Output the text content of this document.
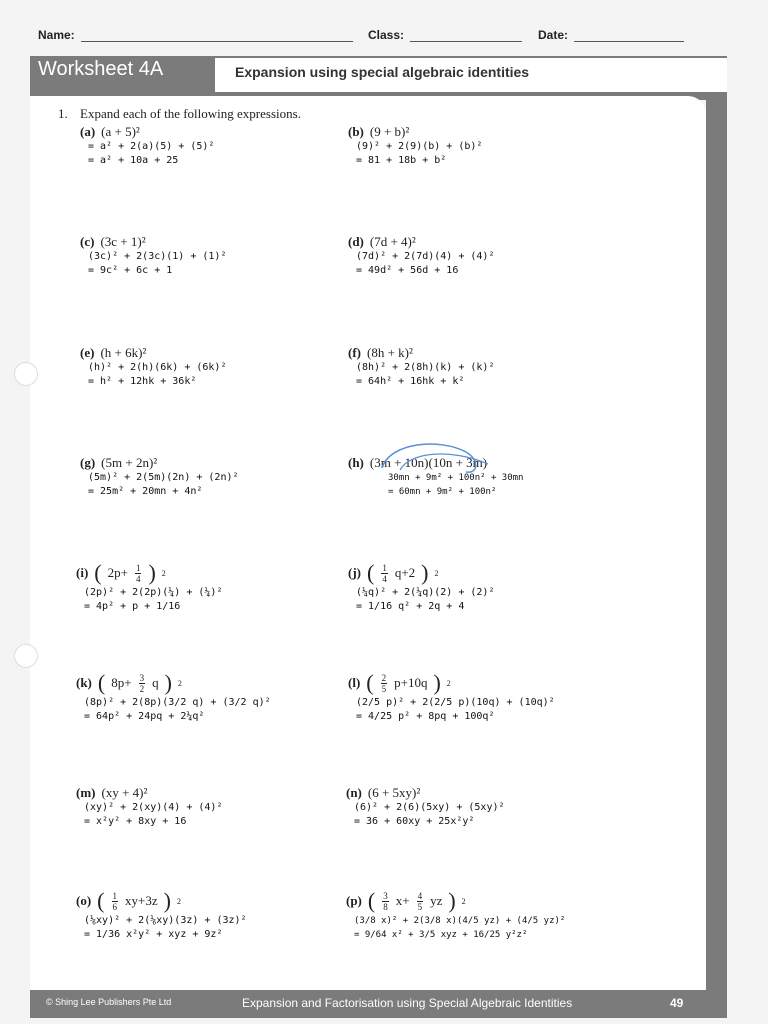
Name:	Class:	Date:
Worksheet 4A	Expansion using special algebraic identities
1. Expand each of the following expressions.
(a) (a + 5)²
= a² + 2(a)(5) + (5)²
= a² + 10a + 25
(b) (9 + b)²
(9)² + 2(9)(b) + (b)²
= 81 + 18b + b²
(c) (3c + 1)²
(3c)² + 2(3c)(1) + (1)²
= 9c² + 6c + 1
(d) (7d + 4)²
(7d)² + 2(7d)(4) + (4)²
= 49d² + 56d + 16
(e) (h + 6k)²
(h)² + 2(h)(6k) + (6k)²
= h² + 12hk + 36k²
(f) (8h + k)²
(8h)² + 2(8h)(k) + (k)²
= 64h² + 16hk + k²
(g) (5m + 2n)²
(5m)² + 2(5m)(2n) + (2n)²
= 25m² + 20mn + 4n²
(h) (3m + 10n)(10n + 3m)
30mn + 9m² + 100n² + 30mn
= 60mn + 9m² + 100n²
(i) ( $2p+ \frac{1}{4}$ ) 2
(2p)² + 2(2p)(¼) + (¼)²
= 4p² + p + 1/16
(j) ( $\frac{1}{4} q+2$ ) 2
(¼q)² + 2(¼q)(2) + (2)²
= 1/16 q² + 2q + 4
(k) ( $8p+ \frac{3}{2}$ q ) 2
(8p)² + 2(8p)(3/2 q) + (3/2 q)²
= 64p² + 24pq + 2¼q²
(l) ( $\frac{2}{5} p+10q$ ) 2
(2/5 p)² + 2(2/5 p)(10q) + (10q)²
= 4/25 p² + 8pq + 100q²
(m) (xy + 4)²
(xy)² + 2(xy)(4) + (4)²
= x²y² + 8xy + 16
(n) (6 + 5xy)²
(6)² + 2(6)(5xy) + (5xy)²
= 36 + 60xy + 25x²y²
(o) ( $\frac{1}{6} xy+3z$ ) 2
(⅙xy)² + 2(⅙xy)(3z) + (3z)²
= 1/36 x²y² + xyz + 9z²
(p) ( $\frac{3}{8} x+ \frac{4}{5}$ yz ) 2
(3/8 x)² + 2(3/8 x)(4/5 yz) + (4/5 yz)²
= 9/64 x² + 3/5 xyz + 16/25 y²z²
© Shing Lee Publishers Pte Ltd	Expansion and Factorisation using Special Algebraic Identities	49
